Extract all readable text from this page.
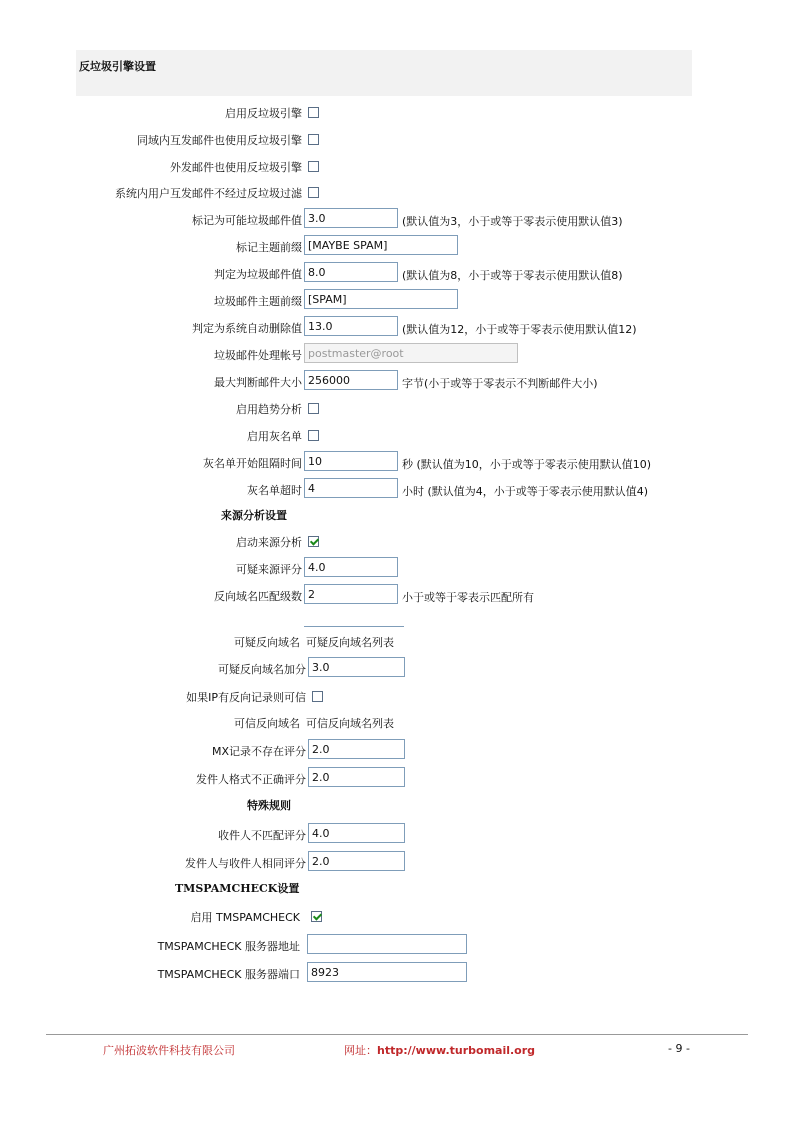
反垃圾引擎设置
启用反垃圾引擎
同域内互发邮件也使用反垃圾引擎
外发邮件也使用反垃圾引擎
系统内用户互发邮件不经过反垃圾过滤
标记为可能垃圾邮件值 3.0	(默认值为3，小于或等于零表示使用默认值3)
标记主题前缀 [MAYBE SPAM]
判定为垃圾邮件值 8.0	(默认值为8，小于或等于零表示使用默认值8)
垃圾邮件主题前缀 [SPAM]
判定为系统自动删除值 13.0	(默认值为12，小于或等于零表示使用默认值12)
垃圾邮件处理帐号 postmaster@root
最大判断邮件大小 256000	字节(小于或等于零表示不判断邮件大小)
启用趋势分析
启用灰名单
灰名单开始阻隔时间 10	秒 (默认值为10，小于或等于零表示使用默认值10)
灰名单超时 4	小时 (默认值为4，小于或等于零表示使用默认值4)
来源分析设置
启动来源分析
可疑来源评分 4.0
反向域名匹配级数 2	小于或等于零表示匹配所有
可疑反向域名 可疑反向域名列表
可疑反向域名加分 3.0
如果IP有反向记录则可信
可信反向域名 可信反向域名列表
MX记录不存在评分 2.0
发件人格式不正确评分 2.0
特殊规则
收件人不匹配评分 4.0
发件人与收件人相同评分 2.0
TMSPAMCHECK设置
启用 TMSPAMCHECK
TMSPAMCHECK 服务器地址
TMSPAMCHECK 服务器端口	8923
广州拓波软件科技有限公司	网址：http://www.turbomail.org	- 9 -
